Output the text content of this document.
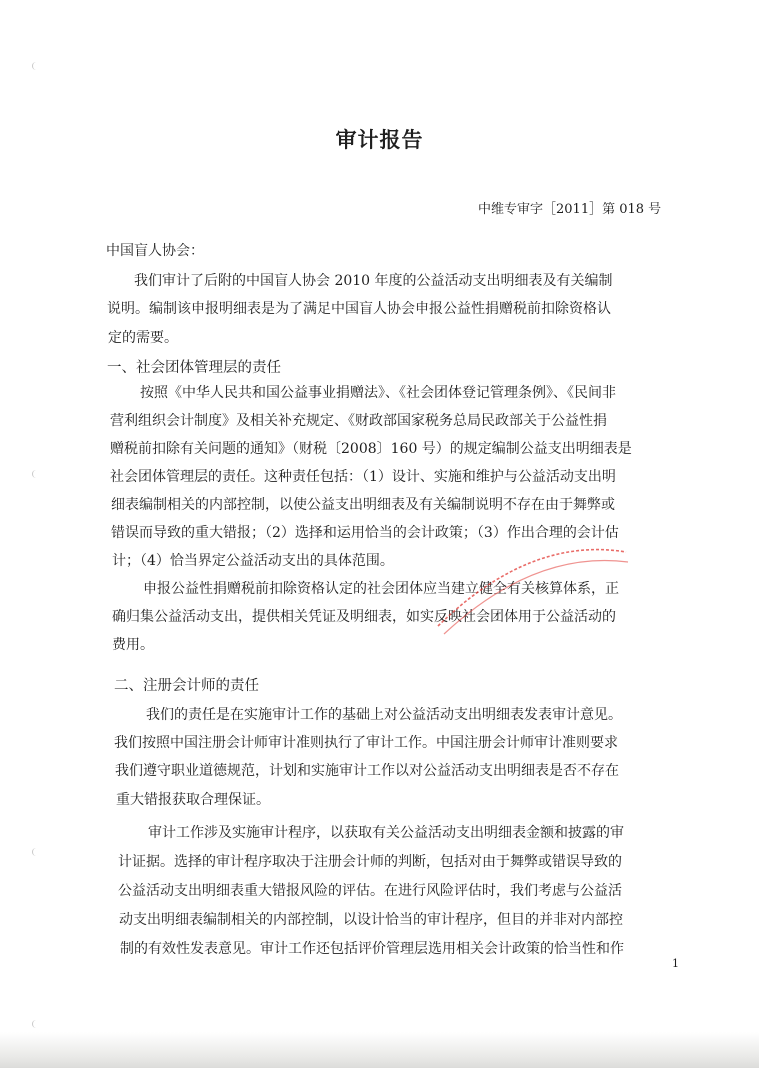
审计报告
中维专审字［2011］第 018 号
中国盲人协会：
我们审计了后附的中国盲人协会 2010 年度的公益活动支出明细表及有关编制
说明。编制该申报明细表是为了满足中国盲人协会申报公益性捐赠税前扣除资格认
定的需要。
一、社会团体管理层的责任
按照《中华人民共和国公益事业捐赠法》、《社会团体登记管理条例》、《民间非
营利组织会计制度》及相关补充规定、《财政部国家税务总局民政部关于公益性捐
赠税前扣除有关问题的通知》（财税〔2008〕160 号）的规定编制公益支出明细表是
社会团体管理层的责任。这种责任包括：（1）设计、实施和维护与公益活动支出明
细表编制相关的内部控制，以使公益支出明细表及有关编制说明不存在由于舞弊或
错误而导致的重大错报；（2）选择和运用恰当的会计政策；（3）作出合理的会计估
计；（4）恰当界定公益活动支出的具体范围。
申报公益性捐赠税前扣除资格认定的社会团体应当建立健全有关核算体系，正
确归集公益活动支出，提供相关凭证及明细表，如实反映社会团体用于公益活动的
费用。
二、注册会计师的责任
我们的责任是在实施审计工作的基础上对公益活动支出明细表发表审计意见。
我们按照中国注册会计师审计准则执行了审计工作。中国注册会计师审计准则要求
我们遵守职业道德规范，计划和实施审计工作以对公益活动支出明细表是否不存在
重大错报获取合理保证。
审计工作涉及实施审计程序，以获取有关公益活动支出明细表金额和披露的审
计证据。选择的审计程序取决于注册会计师的判断，包括对由于舞弊或错误导致的
公益活动支出明细表重大错报风险的评估。在进行风险评估时，我们考虑与公益活
动支出明细表编制相关的内部控制，以设计恰当的审计程序，但目的并非对内部控
制的有效性发表意见。审计工作还包括评价管理层选用相关会计政策的恰当性和作
1
